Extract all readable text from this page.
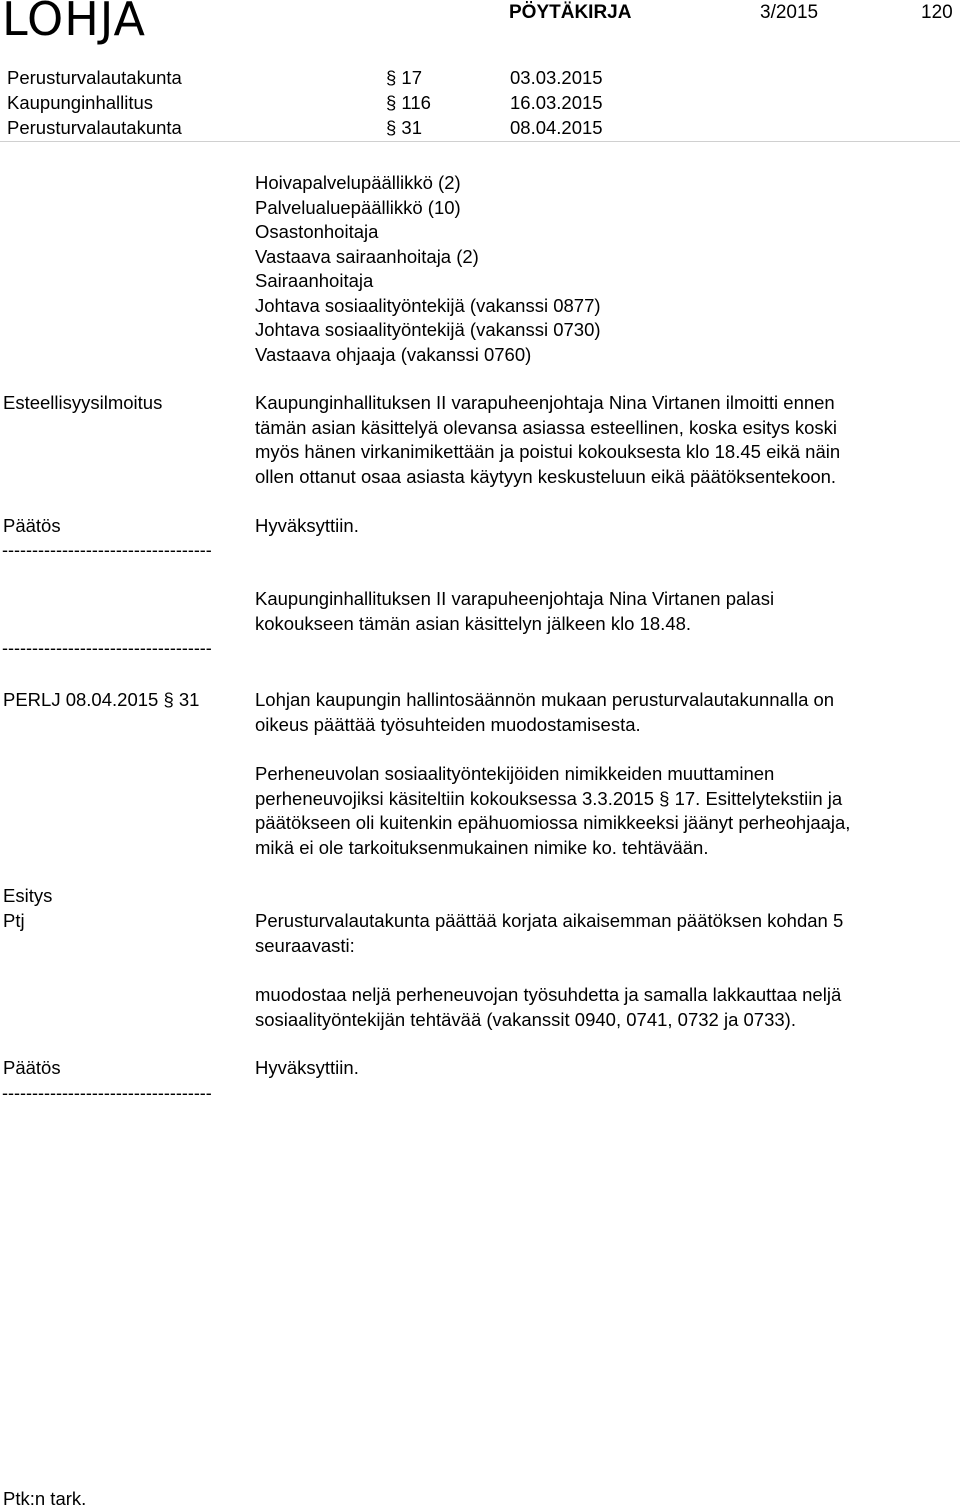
LOHJA	PÖYTÄKIRJA	3/2015	120
Perusturvalautakunta	§ 17	03.03.2015
Kaupunginhallitus	§ 116	16.03.2015
Perusturvalautakunta	§ 31	08.04.2015
Hoivapalvelupäällikkö (2)
Palvelualuepäällikkö (10)
Osastonhoitaja
Vastaava sairaanhoitaja (2)
Sairaanhoitaja
Johtava sosiaalityöntekijä (vakanssi 0877)
Johtava sosiaalityöntekijä (vakanssi 0730)
Vastaava ohjaaja (vakanssi 0760)
Esteellisyysilmoitus	Kaupunginhallituksen II varapuheenjohtaja Nina Virtanen ilmoitti ennen
tämän asian käsittelyä olevansa asiassa esteellinen, koska esitys koski
myös hänen virkanimikettään ja poistui kokouksesta klo 18.45 eikä näin
ollen ottanut osaa asiasta käytyyn keskusteluun eikä päätöksentekoon.
Päätös	Hyväksyttiin.
-----------------------------------
Kaupunginhallituksen II varapuheenjohtaja Nina Virtanen palasi
kokoukseen tämän asian käsittelyn jälkeen klo 18.48.
-----------------------------------
PERLJ 08.04.2015 § 31	Lohjan kaupungin hallintosäännön mukaan perusturvalautakunnalla on
oikeus päättää työsuhteiden muodostamisesta.
Perheneuvolan sosiaalityöntekijöiden nimikkeiden muuttaminen
perheneuvojiksi käsiteltiin kokouksessa 3.3.2015 § 17. Esittelytekstiin ja
päätökseen oli kuitenkin epähuomiossa nimikkeeksi jäänyt perheohjaaja,
mikä ei ole tarkoituksenmukainen nimike ko. tehtävään.
Esitys
Ptj	Perusturvalautakunta päättää korjata aikaisemman päätöksen kohdan 5
seuraavasti:
muodostaa neljä perheneuvojan työsuhdetta ja samalla lakkauttaa neljä
sosiaalityöntekijän tehtävää (vakanssit 0940, 0741, 0732 ja 0733).
Päätös	Hyväksyttiin.
-----------------------------------
Ptk:n tark.
